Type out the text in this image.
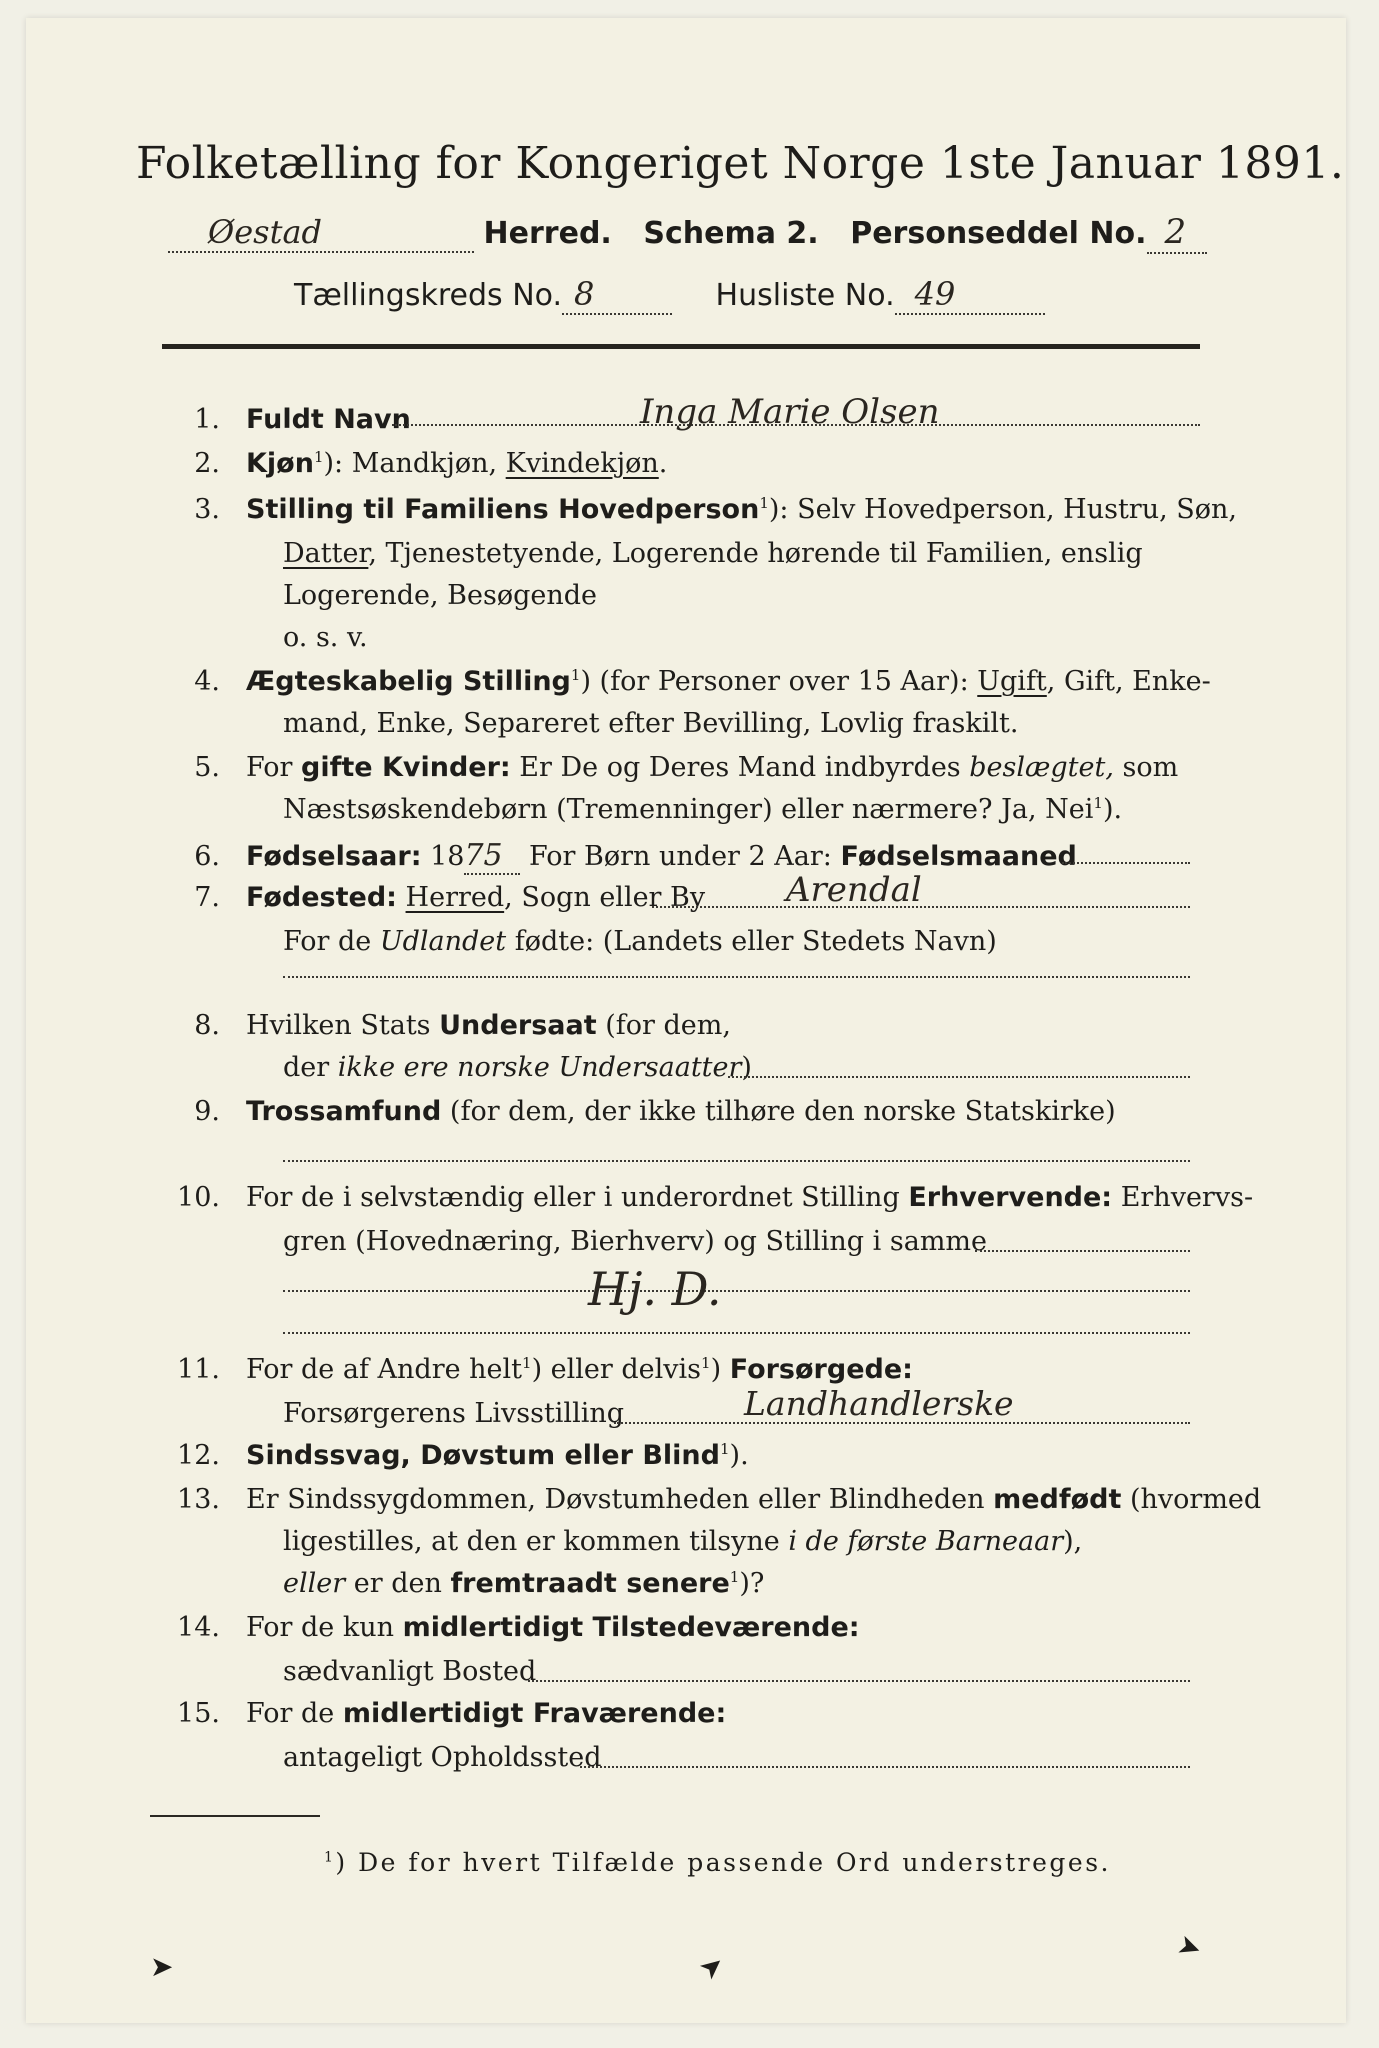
Folketælling for Kongeriget Norge 1ste Januar 1891.
Øestad	Herred. Schema 2. Personseddel No. 2
Tællingskreds No. 8	Husliste No. 49
1. Fuldt Navn	Inga Marie Olsen
2. Kjøn$^1$): Mandkjøn, Kvindekjøn.
3. Stilling til Familiens Hovedperson$^1$): Selv Hovedperson, Hustru, Søn,
Datter, Tjenestetyende, Logerende hørende til Familien, enslig
Logerende, Besøgende
o. s. v.
4. Ægteskabelig Stilling$^1$) (for Personer over 15 Aar): Ugift, Gift, Enke-
mand, Enke, Separeret efter Bevilling, Lovlig fraskilt.
5. For gifte Kvinder: Er De og Deres Mand indbyrdes beslægtet, som
Næstsøskendebørn (Tremenninger) eller nærmere? Ja, Nei$^1$).
6. Fødselsaar: 1875 For Børn under 2 Aar: Fødselsmaaned
7. Fødested: Herred, Sogn eller By Arendal
For de Udlandet fødte: (Landets eller Stedets Navn)
8. Hvilken Stats Undersaat (for dem,
der ikke ere norske Undersaatter)
9. Trossamfund (for dem, der ikke tilhøre den norske Statskirke)
10. For de i selvstændig eller i underordnet Stilling Erhvervende: Erhvervs-
gren (Hovednæring, Bierhverv) og Stilling i samme
Hj. D.
11. For de af Andre helt$^1$) eller delvis$^1$) Forsørgede:
Forsørgerens Livsstilling	Landhandlerske
12. Sindssvag, Døvstum eller Blind$^1$).
13. Er Sindssygdommen, Døvstumheden eller Blindheden medfødt (hvormed
ligestilles, at den er kommen tilsyne i de første Barneaar),
eller er den fremtraadt senere$^1$)?
14. For de kun midlertidigt Tilstedeværende:
sædvanligt Bosted
15. For de midlertidigt Fraværende:
antageligt Opholdssted
$^1$) De for hvert Tilfælde passende Ord understreges.
➤	➤	➤
